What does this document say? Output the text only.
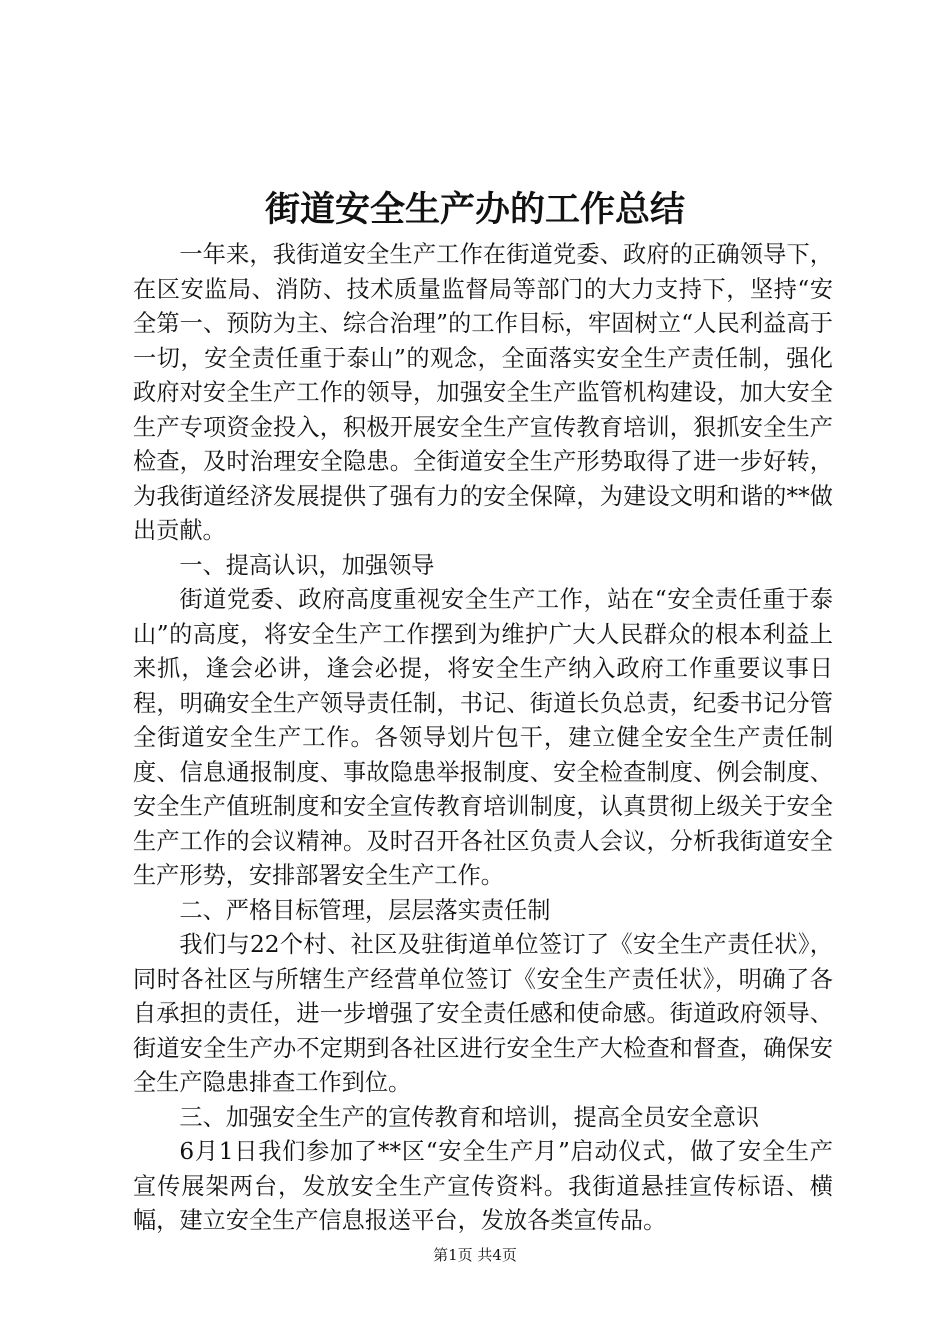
街道安全生产办的工作总结

一年来，我街道安全生产工作在街道党委、政府的正确领导下，在区安监局、消防、技术质量监督局等部门的大力支持下，坚持“安全第一、预防为主、综合治理”的工作目标，牢固树立“人民利益高于一切，安全责任重于泰山”的观念，全面落实安全生产责任制，强化政府对安全生产工作的领导，加强安全生产监管机构建设，加大安全生产专项资金投入，积极开展安全生产宣传教育培训，狠抓安全生产检查，及时治理安全隐患。全街道安全生产形势取得了进一步好转，为我街道经济发展提供了强有力的安全保障，为建设文明和谐的**做出贡献。

一、提高认识，加强领导

街道党委、政府高度重视安全生产工作，站在“安全责任重于泰山”的高度，将安全生产工作摆到为维护广大人民群众的根本利益上来抓，逢会必讲，逢会必提，将安全生产纳入政府工作重要议事日程，明确安全生产领导责任制，书记、街道长负总责，纪委书记分管全街道安全生产工作。各领导划片包干，建立健全安全生产责任制度、信息通报制度、事故隐患举报制度、安全检查制度、例会制度、安全生产值班制度和安全宣传教育培训制度，认真贯彻上级关于安全生产工作的会议精神。及时召开各社区负责人会议，分析我街道安全生产形势，安排部署安全生产工作。

二、严格目标管理，层层落实责任制

我们与22个村、社区及驻街道单位签订了《安全生产责任状》，同时各社区与所辖生产经营单位签订《安全生产责任状》，明确了各自承担的责任，进一步增强了安全责任感和使命感。街道政府领导、街道安全生产办不定期到各社区进行安全生产大检查和督查，确保安全生产隐患排查工作到位。

三、加强安全生产的宣传教育和培训，提高全员安全意识

6月1日我们参加了**区“安全生产月”启动仪式，做了安全生产宣传展架两台，发放安全生产宣传资料。我街道悬挂宣传标语、横幅，建立安全生产信息报送平台，发放各类宣传品。

第1页 共4页
